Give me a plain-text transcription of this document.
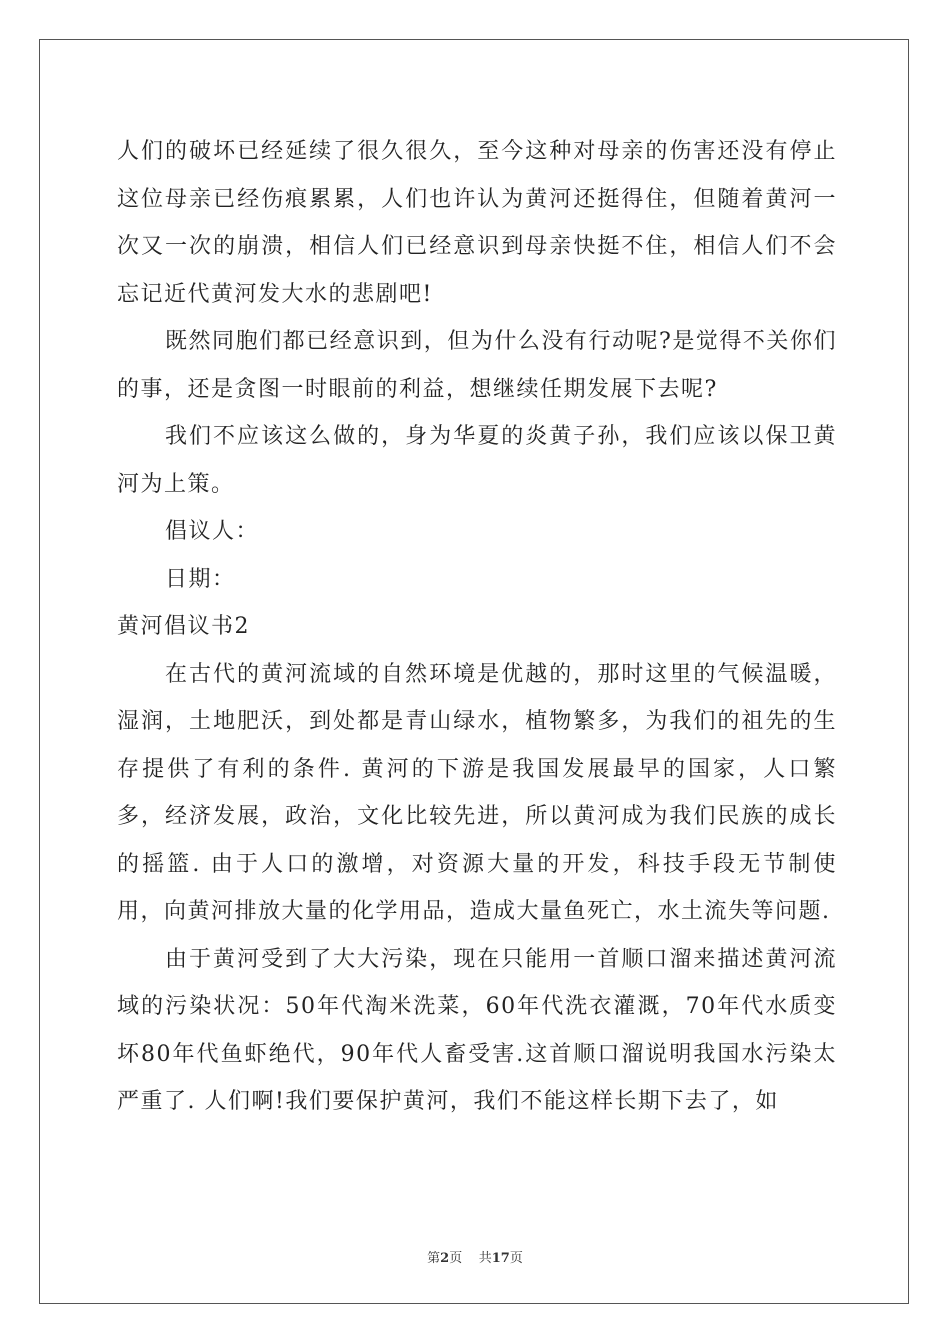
人们的破坏已经延续了很久很久，至今这种对母亲的伤害还没有停止这位母亲已经伤痕累累，人们也许认为黄河还挺得住，但随着黄河一次又一次的崩溃，相信人们已经意识到母亲快挺不住，相信人们不会忘记近代黄河发大水的悲剧吧!

既然同胞们都已经意识到，但为什么没有行动呢?是觉得不关你们的事，还是贪图一时眼前的利益，想继续任期发展下去呢?

我们不应该这么做的，身为华夏的炎黄子孙，我们应该以保卫黄河为上策。

倡议人：

日期：

黄河倡议书2

在古代的黄河流域的自然环境是优越的，那时这里的气候温暖，湿润，土地肥沃，到处都是青山绿水，植物繁多，为我们的祖先的生存提供了有利的条件. 黄河的下游是我国发展最早的国家，人口繁多，经济发展，政治，文化比较先进，所以黄河成为我们民族的成长的摇篮. 由于人口的激增，对资源大量的开发，科技手段无节制使用，向黄河排放大量的化学用品，造成大量鱼死亡，水土流失等问题.

由于黄河受到了大大污染，现在只能用一首顺口溜来描述黄河流域的污染状况：50年代淘米洗菜，60年代洗衣灌溉，70年代水质变坏80年代鱼虾绝代，90年代人畜受害.这首顺口溜说明我国水污染太严重了. 人们啊!我们要保护黄河，我们不能这样长期下去了，如

第2页 共17页
